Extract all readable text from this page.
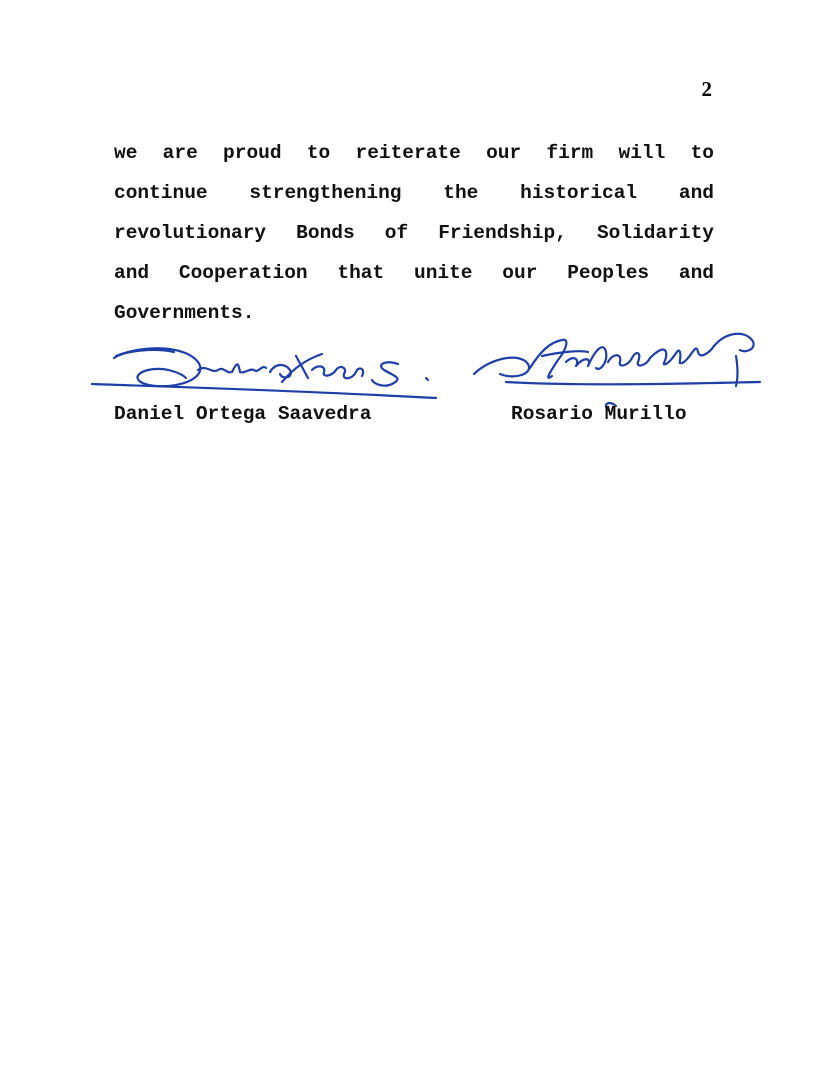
2

we are proud to reiterate our firm will to
continue strengthening the historical and
revolutionary Bonds of Friendship, Solidarity
and Cooperation that unite our Peoples and
Governments.

Daniel Ortega Saavedra	Rosario Murillo
